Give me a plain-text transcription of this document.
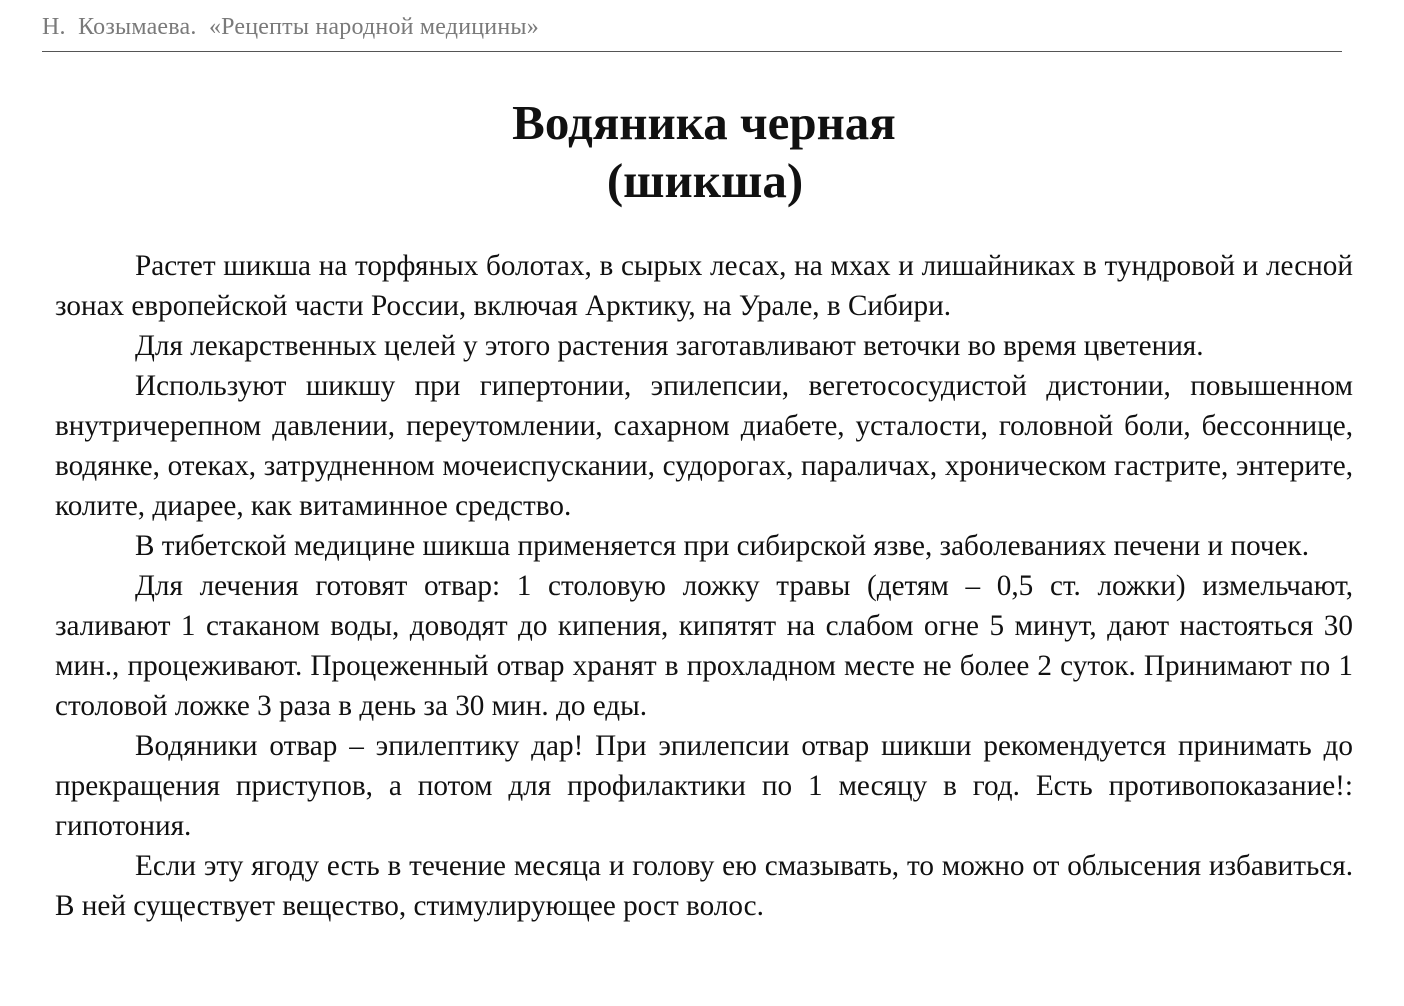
Н.  Козымаева.  «Рецепты народной медицины»
Водяника черная
(шикша)

Растет шикша на торфяных болотах, в сырых лесах, на мхах и лишайниках в тундровой и лесной зонах европейской части России, включая Арктику, на Урале, в Сибири.

Для лекарственных целей у этого растения заготавливают веточки во время цветения.

Используют шикшу при гипертонии, эпилепсии, вегетососудистой дистонии, повышенном внутричерепном давлении, переутомлении, сахарном диабете, усталости, головной боли, бессоннице, водянке, отеках, затрудненном мочеиспускании, судорогах, параличах, хроническом гастрите, энтерите, колите, диарее, как витаминное средство.

В тибетской медицине шикша применяется при сибирской язве, заболеваниях печени и почек.

Для лечения готовят отвар: 1 столовую ложку травы (детям – 0,5 ст. ложки) измельчают, заливают 1 стаканом воды, доводят до кипения, кипятят на слабом огне 5 минут, дают настояться 30 мин., процеживают. Процеженный отвар хранят в прохладном месте не более 2 суток. Принимают по 1 столовой ложке 3 раза в день за 30 мин. до еды.

Водяники отвар – эпилептику дар! При эпилепсии отвар шикши рекомендуется принимать до прекращения приступов, а потом для профилактики по 1 месяцу в год. Есть противопоказание!: гипотония.

Если эту ягоду есть в течение месяца и голову ею смазывать, то можно от облысения избавиться. В ней существует вещество, стимулирующее рост волос.
